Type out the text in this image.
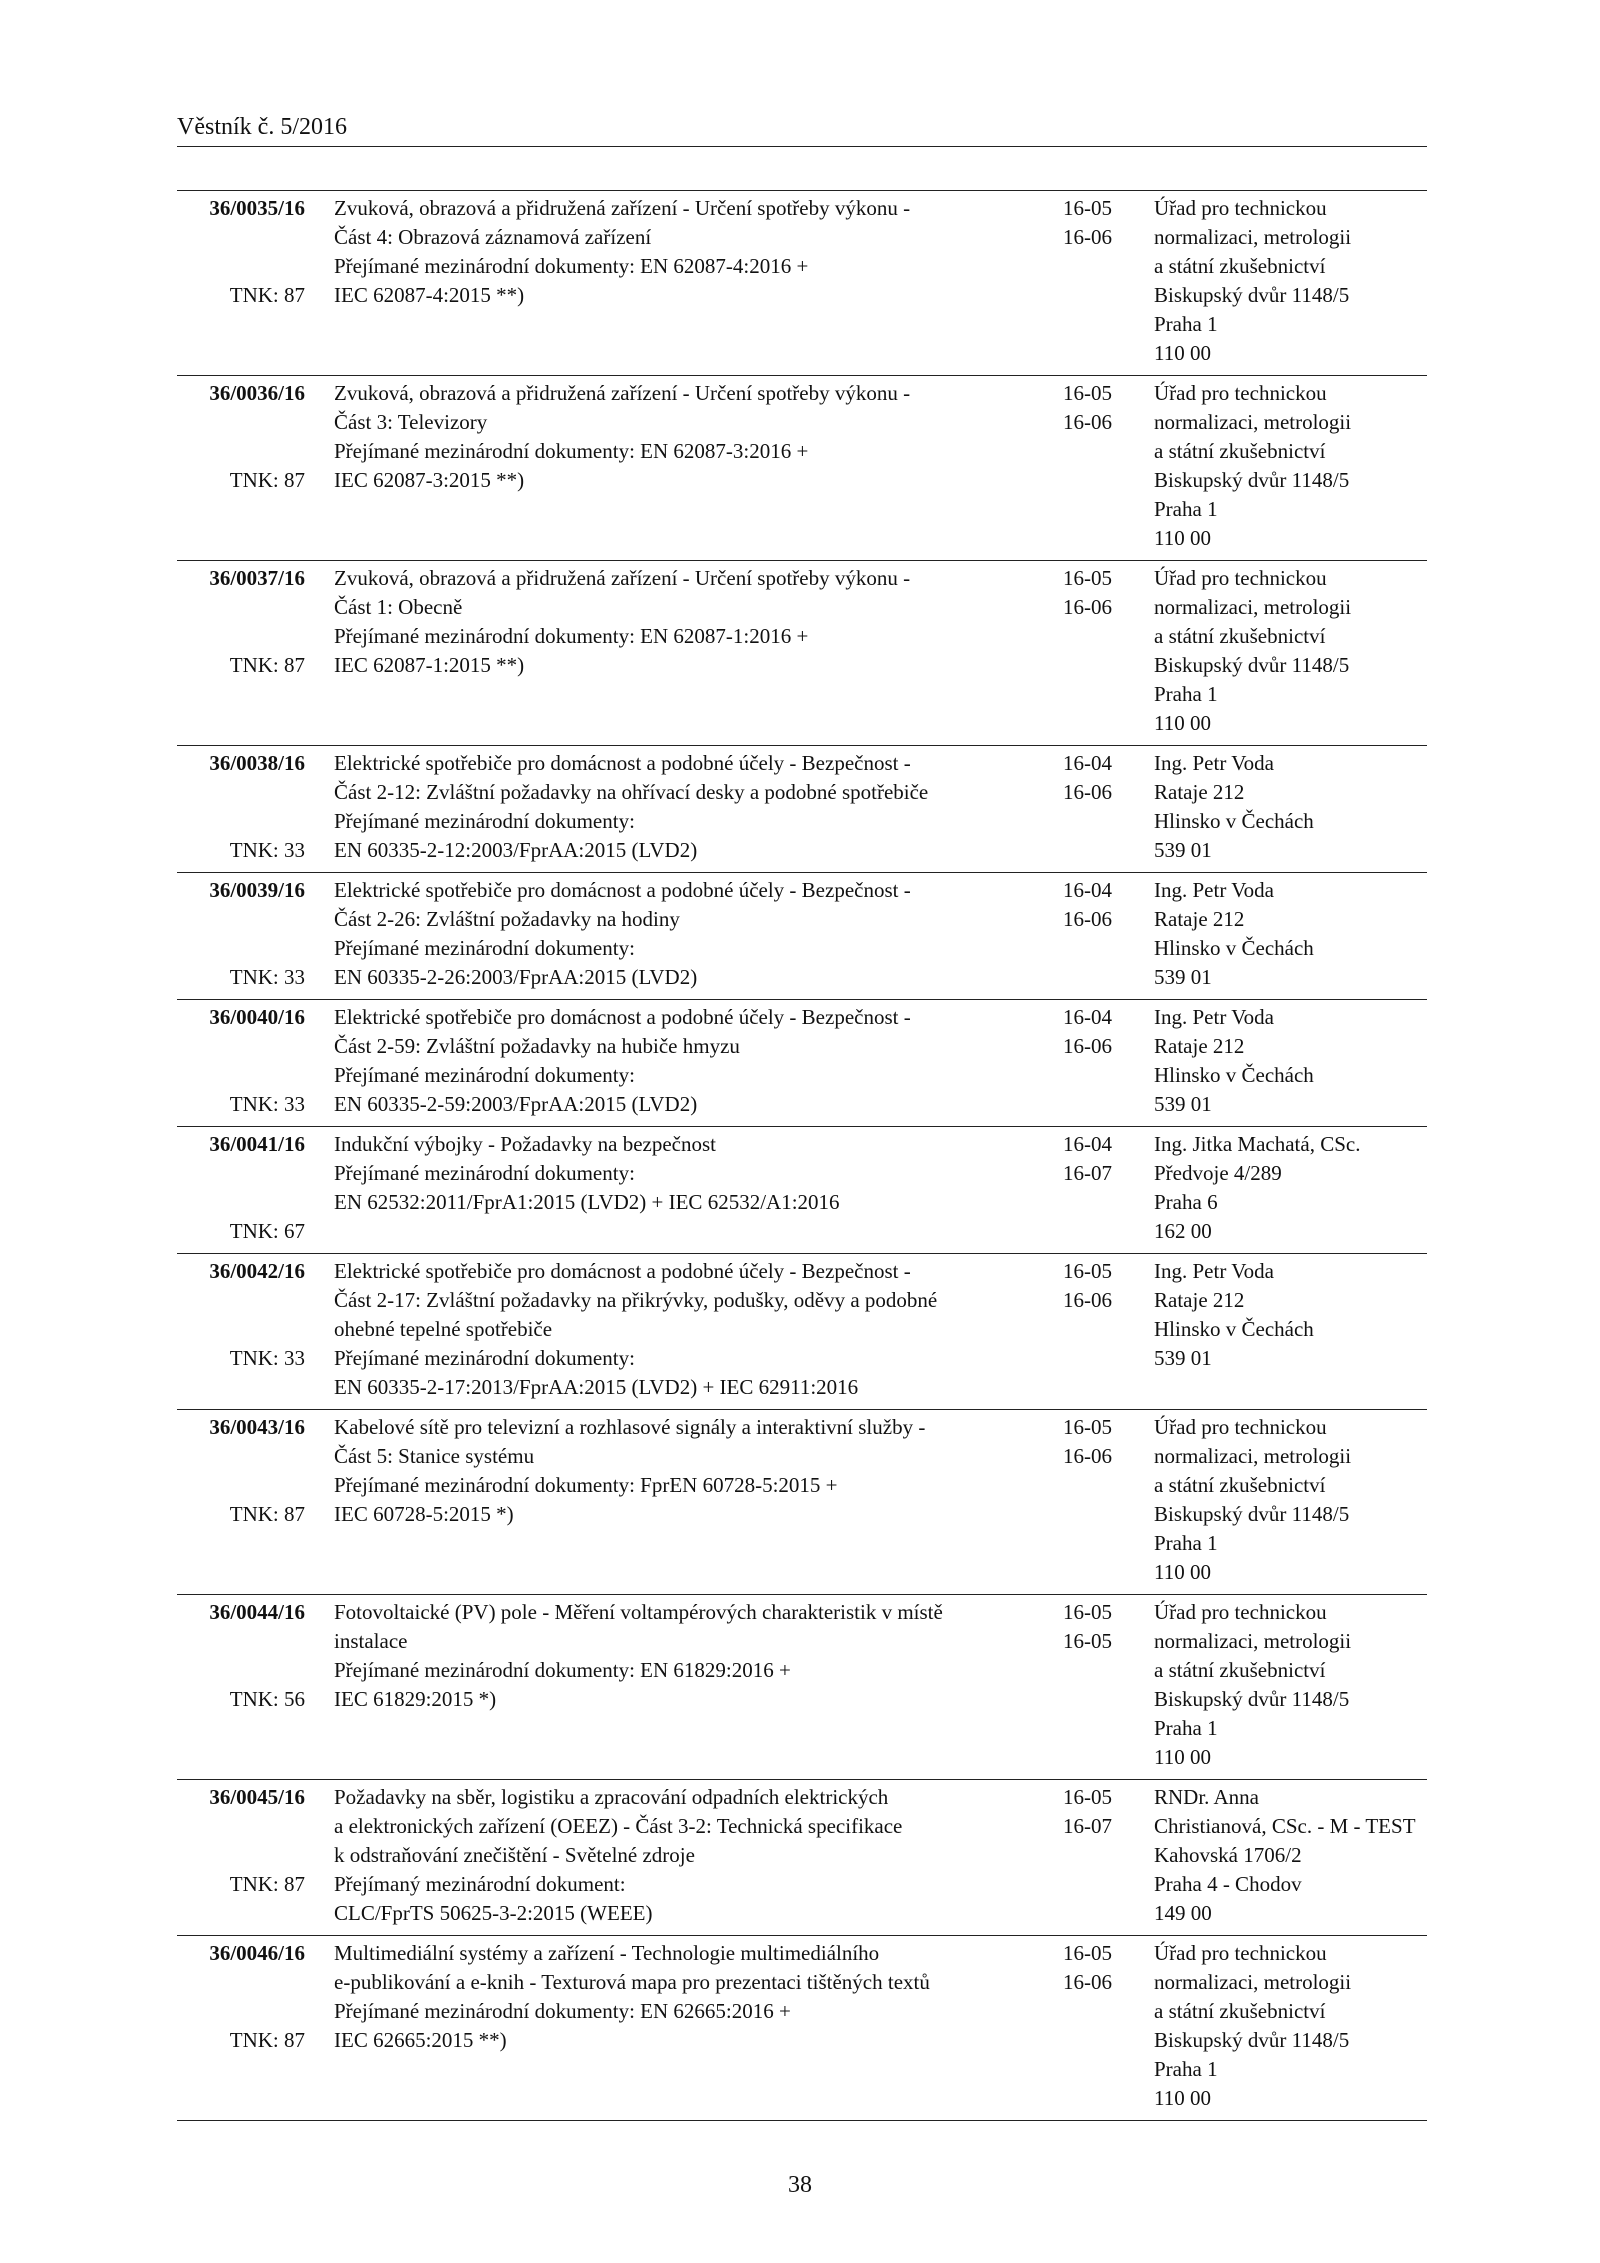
Věstník č. 5/2016
36/0035/16
TNK: 87
Zvuková, obrazová a přidružená zařízení - Určení spotřeby výkonu -
Část 4: Obrazová záznamová zařízení
Přejímané mezinárodní dokumenty: EN 62087-4:2016 +
IEC 62087-4:2015 **)
16-05
16-06
Úřad pro technickou
normalizaci, metrologii
a státní zkušebnictví
Biskupský dvůr 1148/5
Praha 1
110 00
36/0036/16
TNK: 87
Zvuková, obrazová a přidružená zařízení - Určení spotřeby výkonu -
Část 3: Televizory
Přejímané mezinárodní dokumenty: EN 62087-3:2016 +
IEC 62087-3:2015 **)
16-05
16-06
Úřad pro technickou
normalizaci, metrologii
a státní zkušebnictví
Biskupský dvůr 1148/5
Praha 1
110 00
36/0037/16
TNK: 87
Zvuková, obrazová a přidružená zařízení - Určení spotřeby výkonu -
Část 1: Obecně
Přejímané mezinárodní dokumenty: EN 62087-1:2016 +
IEC 62087-1:2015 **)
16-05
16-06
Úřad pro technickou
normalizaci, metrologii
a státní zkušebnictví
Biskupský dvůr 1148/5
Praha 1
110 00
36/0038/16
TNK: 33
Elektrické spotřebiče pro domácnost a podobné účely - Bezpečnost -
Část 2-12: Zvláštní požadavky na ohřívací desky a podobné spotřebiče
Přejímané mezinárodní dokumenty:
EN 60335-2-12:2003/FprAA:2015 (LVD2)
16-04
16-06
Ing. Petr Voda
Rataje 212
Hlinsko v Čechách
539 01
36/0039/16
TNK: 33
Elektrické spotřebiče pro domácnost a podobné účely - Bezpečnost -
Část 2-26: Zvláštní požadavky na hodiny
Přejímané mezinárodní dokumenty:
EN 60335-2-26:2003/FprAA:2015 (LVD2)
16-04
16-06
Ing. Petr Voda
Rataje 212
Hlinsko v Čechách
539 01
36/0040/16
TNK: 33
Elektrické spotřebiče pro domácnost a podobné účely - Bezpečnost -
Část 2-59: Zvláštní požadavky na hubiče hmyzu
Přejímané mezinárodní dokumenty:
EN 60335-2-59:2003/FprAA:2015 (LVD2)
16-04
16-06
Ing. Petr Voda
Rataje 212
Hlinsko v Čechách
539 01
36/0041/16
TNK: 67
Indukční výbojky - Požadavky na bezpečnost
Přejímané mezinárodní dokumenty:
EN 62532:2011/FprA1:2015 (LVD2) + IEC 62532/A1:2016
16-04
16-07
Ing. Jitka Machatá, CSc.
Předvoje 4/289
Praha 6
162 00
36/0042/16
TNK: 33
Elektrické spotřebiče pro domácnost a podobné účely - Bezpečnost -
Část 2-17: Zvláštní požadavky na přikrývky, podušky, oděvy a podobné
ohebné tepelné spotřebiče
Přejímané mezinárodní dokumenty:
EN 60335-2-17:2013/FprAA:2015 (LVD2) + IEC 62911:2016
16-05
16-06
Ing. Petr Voda
Rataje 212
Hlinsko v Čechách
539 01
36/0043/16
TNK: 87
Kabelové sítě pro televizní a rozhlasové signály a interaktivní služby -
Část 5: Stanice systému
Přejímané mezinárodní dokumenty: FprEN 60728-5:2015 +
IEC 60728-5:2015 *)
16-05
16-06
Úřad pro technickou
normalizaci, metrologii
a státní zkušebnictví
Biskupský dvůr 1148/5
Praha 1
110 00
36/0044/16
TNK: 56
Fotovoltaické (PV) pole - Měření voltampérových charakteristik v místě
instalace
Přejímané mezinárodní dokumenty: EN 61829:2016 +
IEC 61829:2015 *)
16-05
16-05
Úřad pro technickou
normalizaci, metrologii
a státní zkušebnictví
Biskupský dvůr 1148/5
Praha 1
110 00
36/0045/16
TNK: 87
Požadavky na sběr, logistiku a zpracování odpadních elektrických
a elektronických zařízení (OEEZ) - Část 3-2: Technická specifikace
k odstraňování znečištění - Světelné zdroje
Přejímaný mezinárodní dokument:
CLC/FprTS 50625-3-2:2015 (WEEE)
16-05
16-07
RNDr. Anna
Christianová, CSc. - M - TEST
Kahovská 1706/2
Praha 4 - Chodov
149 00
36/0046/16
TNK: 87
Multimediální systémy a zařízení - Technologie multimediálního
e-publikování a e-knih - Texturová mapa pro prezentaci tištěných textů
Přejímané mezinárodní dokumenty: EN 62665:2016 +
IEC 62665:2015 **)
16-05
16-06
Úřad pro technickou
normalizaci, metrologii
a státní zkušebnictví
Biskupský dvůr 1148/5
Praha 1
110 00
38
